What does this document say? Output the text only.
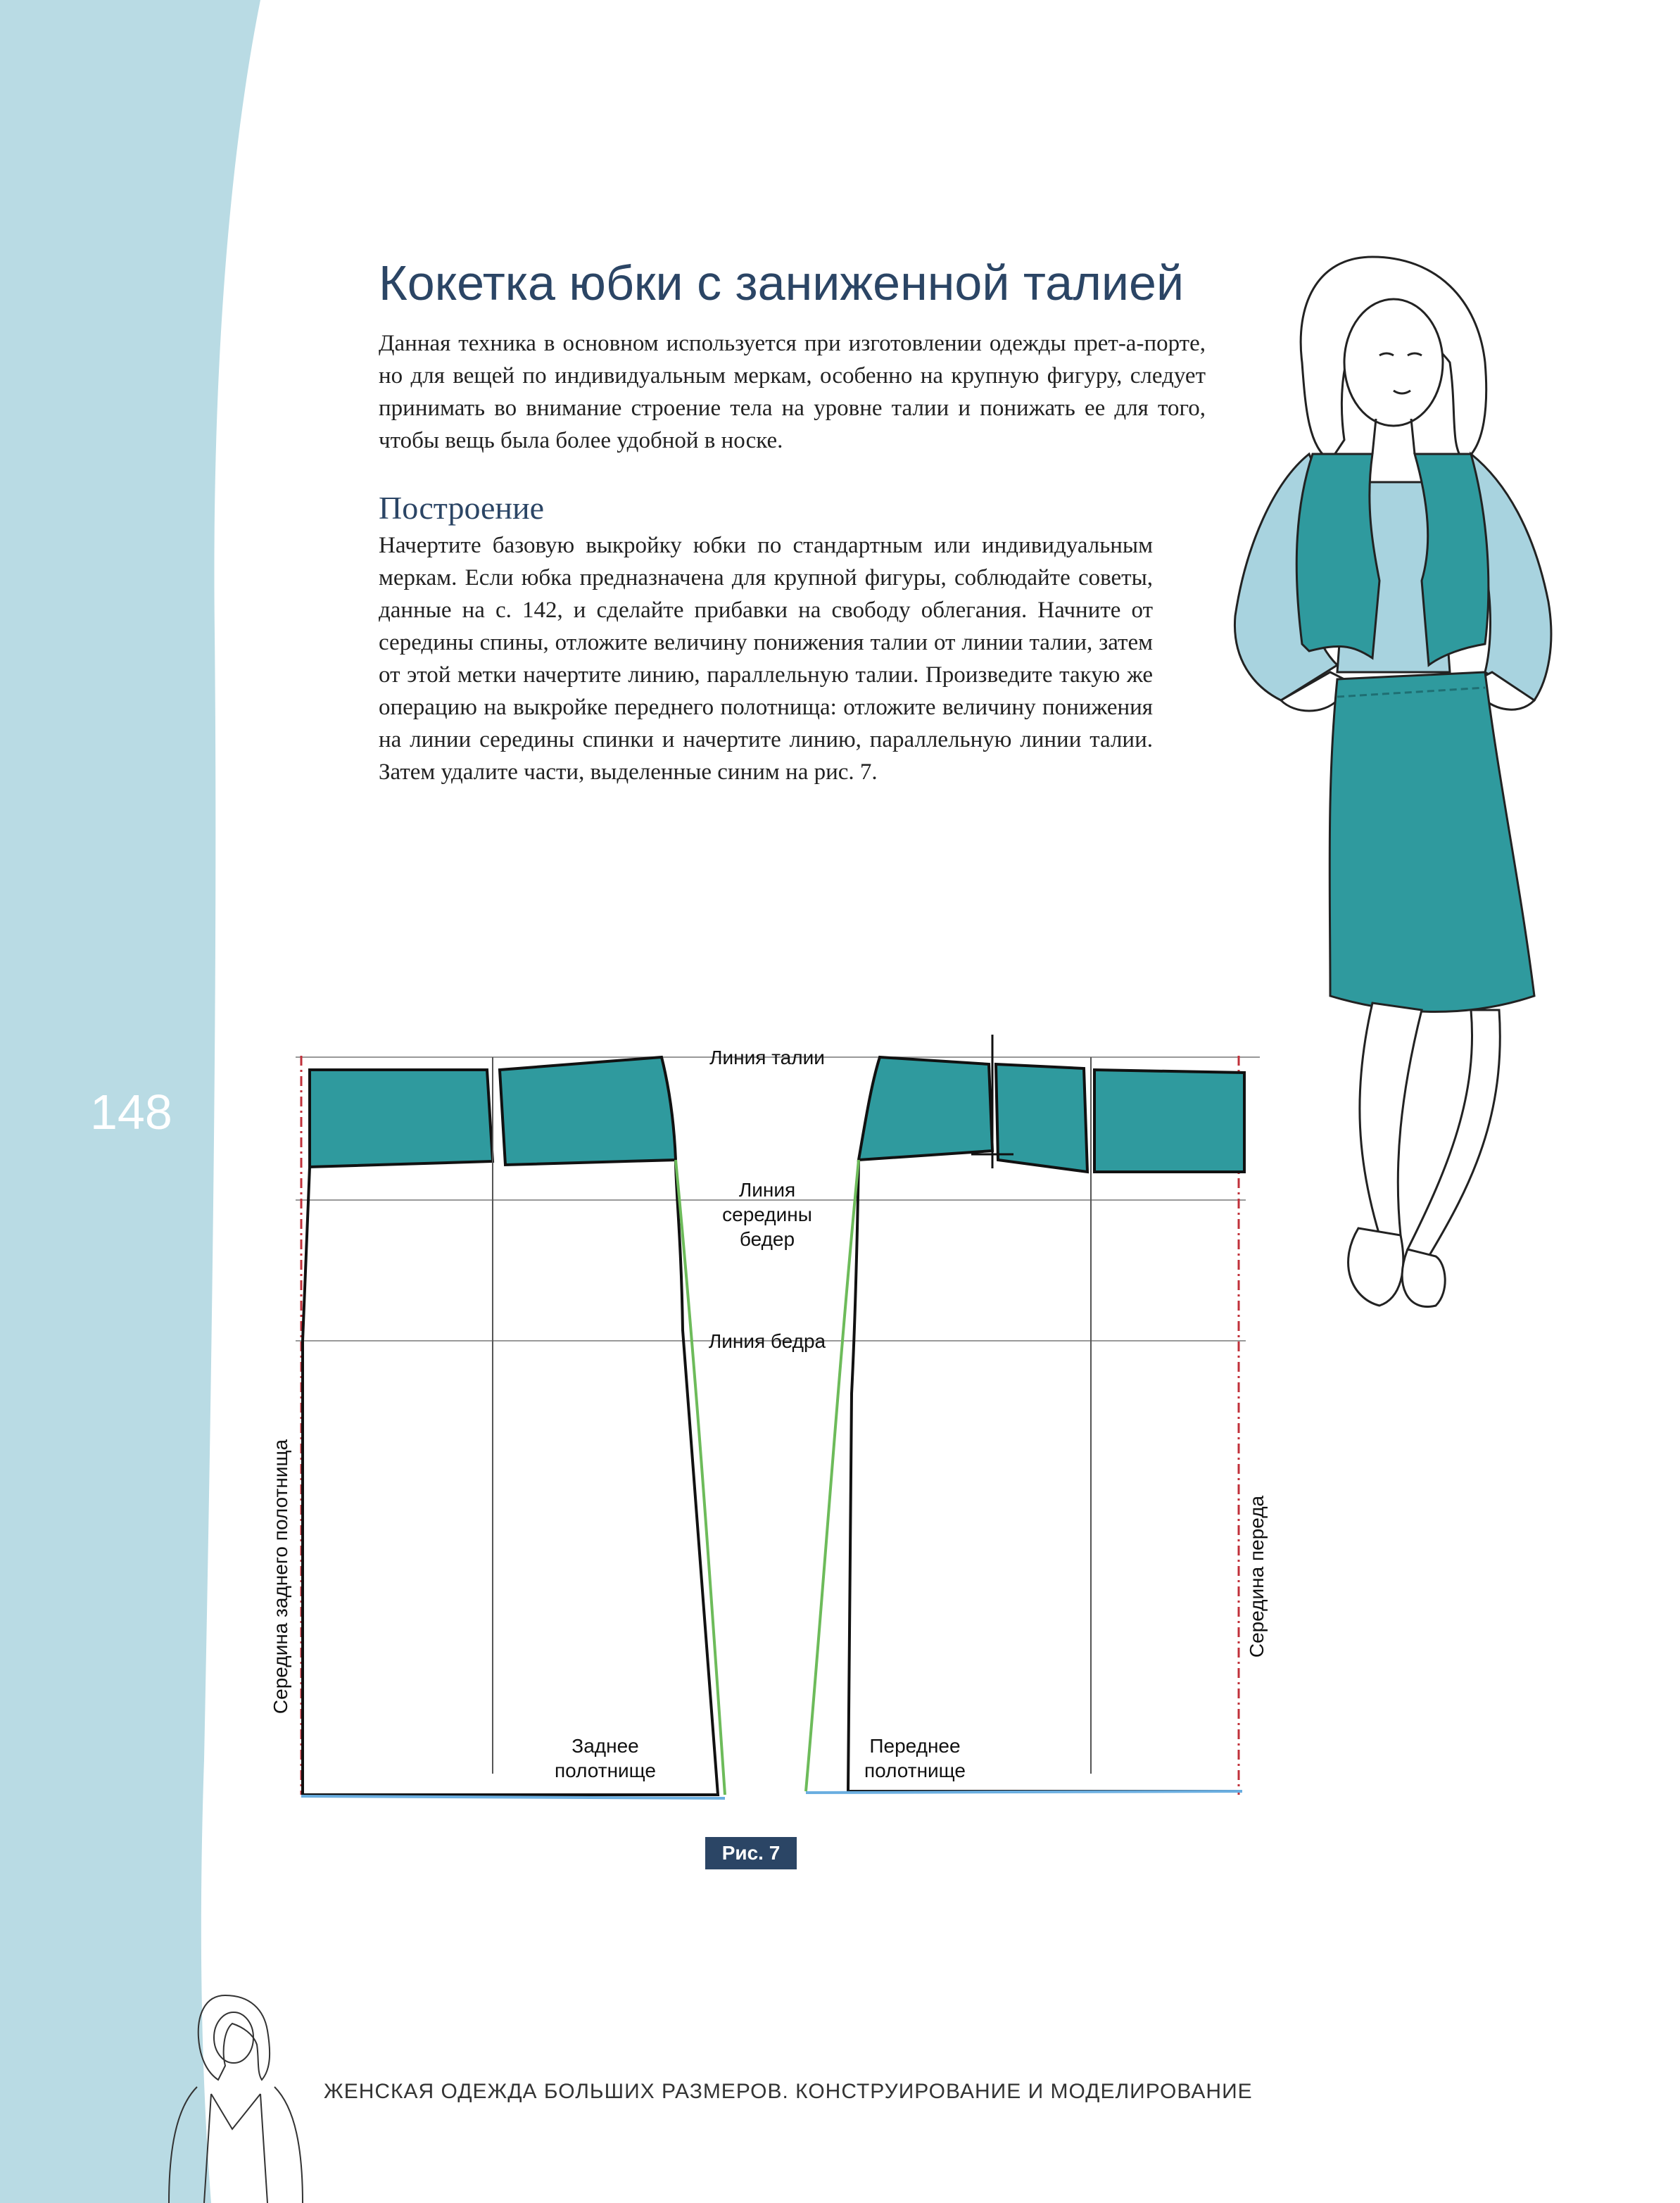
148
Кокетка юбки с заниженной талией
Данная техника в основном используется при изготовлении одежды прет-а-порте, но для вещей по индивидуальным меркам, особенно на крупную фигуру, следует принимать во внимание строение тела на уровне талии и понижать ее для того, чтобы вещь была более удобной в носке.
Построение
Начертите базовую выкройку юбки по стандартным или индивидуальным меркам. Если юбка предназначена для крупной фигуры, соблюдайте советы, данные на с. 142, и сделайте прибавки на свободу облегания. Начните от середины спины, отложите величину понижения талии от линии талии, затем от этой метки начертите линию, параллельную талии. Произведите такую же операцию на выкройке переднего полотнища: отложите величину понижения на линии середины спинки и начертите линию, параллельную линии талии. Затем удалите части, выделенные синим на рис. 7.
Линия талии
Линия
середины
бедер
Линия бедра
Середина заднего полотнища	Середина переда
Заднее
полотнище
Переднее
полотнище
Рис. 7
ЖЕНСКАЯ ОДЕЖДА БОЛЬШИХ РАЗМЕРОВ. КОНСТРУИРОВАНИЕ И МОДЕЛИРОВАНИЕ
